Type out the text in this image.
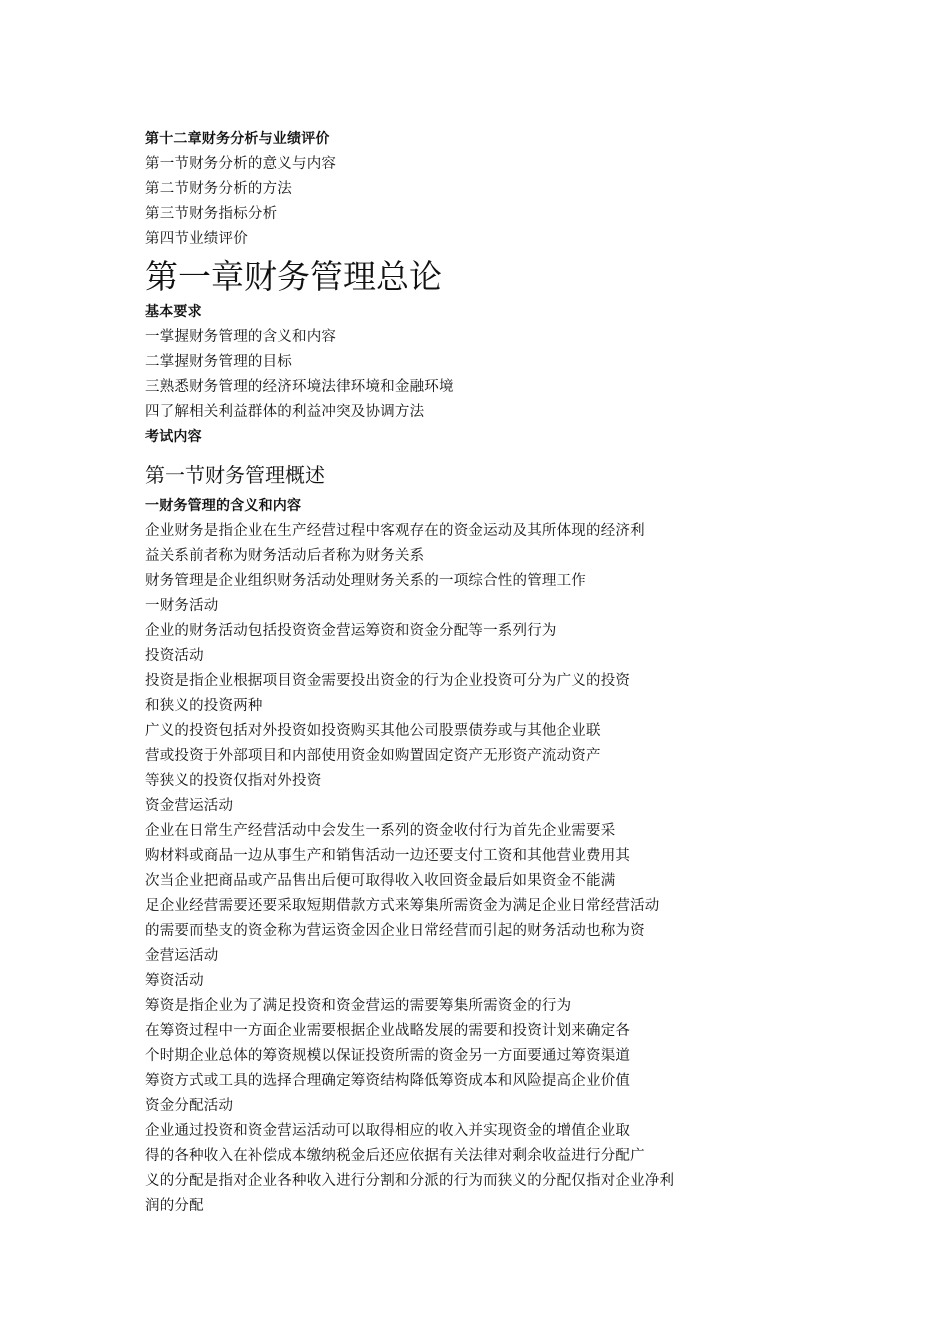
第十二章财务分析与业绩评价
第一节财务分析的意义与内容
第二节财务分析的方法
第三节财务指标分析
第四节业绩评价
第一章财务管理总论
基本要求
一掌握财务管理的含义和内容
二掌握财务管理的目标
三熟悉财务管理的经济环境法律环境和金融环境
四了解相关利益群体的利益冲突及协调方法
考试内容
第一节财务管理概述
一财务管理的含义和内容
企业财务是指企业在生产经营过程中客观存在的资金运动及其所体现的经济利
益关系前者称为财务活动后者称为财务关系
财务管理是企业组织财务活动处理财务关系的一项综合性的管理工作
一财务活动
企业的财务活动包括投资资金营运筹资和资金分配等一系列行为
投资活动
投资是指企业根据项目资金需要投出资金的行为企业投资可分为广义的投资
和狭义的投资两种
广义的投资包括对外投资如投资购买其他公司股票债券或与其他企业联
营或投资于外部项目和内部使用资金如购置固定资产无形资产流动资产
等狭义的投资仅指对外投资
资金营运活动
企业在日常生产经营活动中会发生一系列的资金收付行为首先企业需要采
购材料或商品一边从事生产和销售活动一边还要支付工资和其他营业费用其
次当企业把商品或产品售出后便可取得收入收回资金最后如果资金不能满
足企业经营需要还要采取短期借款方式来筹集所需资金为满足企业日常经营活动
的需要而垫支的资金称为营运资金因企业日常经营而引起的财务活动也称为资
金营运活动
筹资活动
筹资是指企业为了满足投资和资金营运的需要筹集所需资金的行为
在筹资过程中一方面企业需要根据企业战略发展的需要和投资计划来确定各
个时期企业总体的筹资规模以保证投资所需的资金另一方面要通过筹资渠道
筹资方式或工具的选择合理确定筹资结构降低筹资成本和风险提高企业价值
资金分配活动
企业通过投资和资金营运活动可以取得相应的收入并实现资金的增值企业取
得的各种收入在补偿成本缴纳税金后还应依据有关法律对剩余收益进行分配广
义的分配是指对企业各种收入进行分割和分派的行为而狭义的分配仅指对企业净利
润的分配
